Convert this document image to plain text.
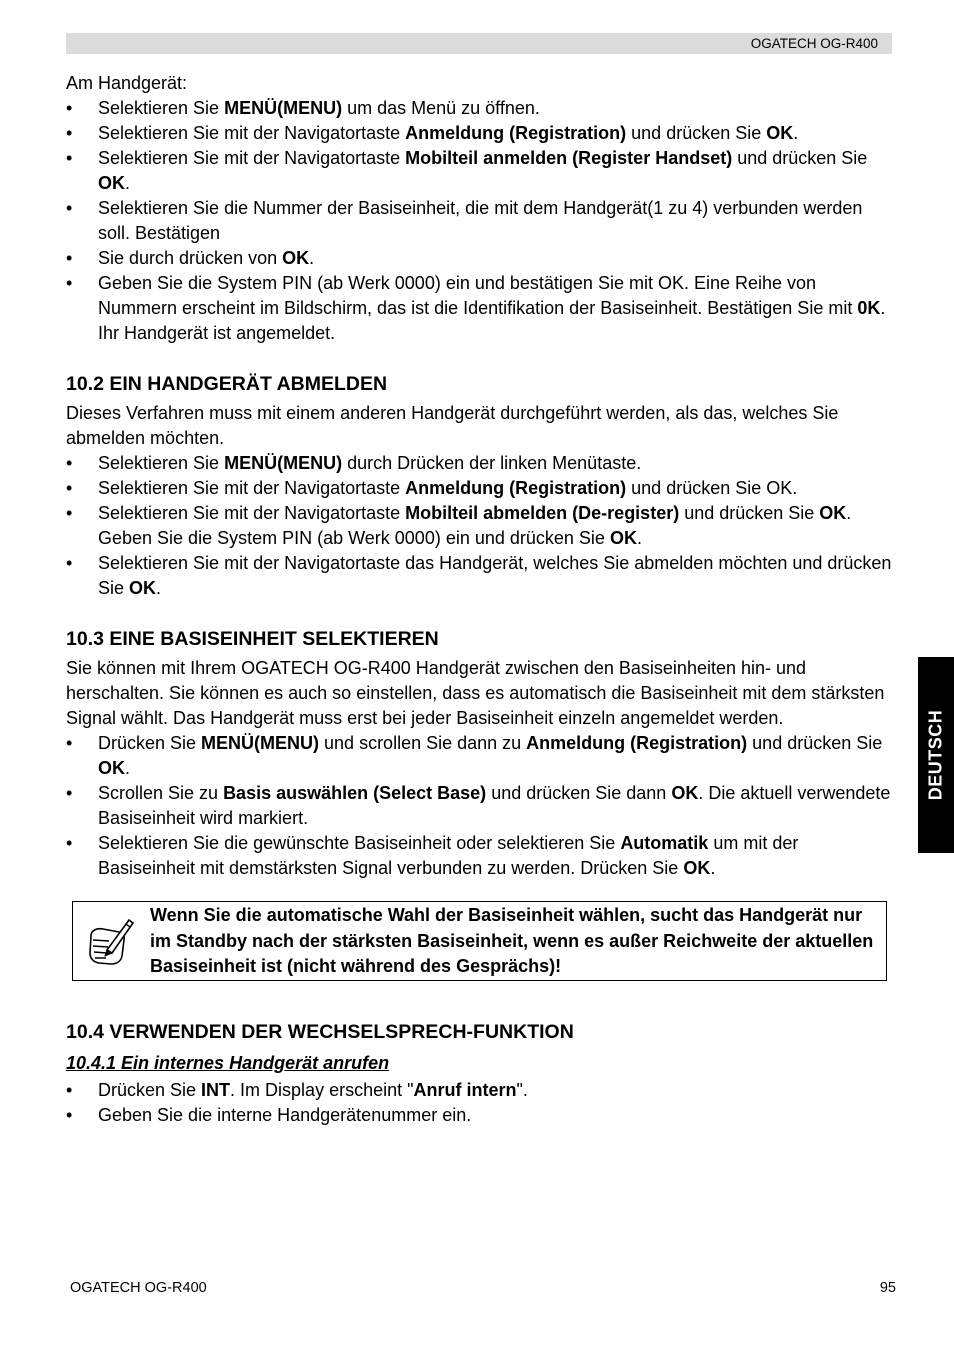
OGATECH OG-R400

Am Handgerät:

• Selektieren Sie MENÜ(MENU) um das Menü zu öffnen.
• Selektieren Sie mit der Navigatortaste Anmeldung (Registration) und drücken Sie OK.
• Selektieren Sie mit der Navigatortaste Mobilteil anmelden (Register Handset) und drücken Sie OK.
• Selektieren Sie die Nummer der Basiseinheit, die mit dem Handgerät(1 zu 4) verbunden werden soll. Bestätigen
• Sie durch drücken von OK.
• Geben Sie die System PIN (ab Werk 0000) ein und bestätigen Sie mit OK. Eine Reihe von Nummern erscheint im Bildschirm, das ist die Identifikation der Basiseinheit. Bestätigen Sie mit 0K. Ihr Handgerät ist angemeldet.
10.2 EIN HANDGERÄT ABMELDEN

Dieses Verfahren muss mit einem anderen Handgerät durchgeführt werden, als das, welches Sie abmelden möchten.

• Selektieren Sie MENÜ(MENU) durch Drücken der linken Menütaste.
• Selektieren Sie mit der Navigatortaste Anmeldung (Registration) und drücken Sie OK.
• Selektieren Sie mit der Navigatortaste Mobilteil abmelden (De-register) und drücken Sie OK. Geben Sie die System PIN (ab Werk 0000) ein und drücken Sie OK.
• Selektieren Sie mit der Navigatortaste das Handgerät, welches Sie abmelden möchten und drücken Sie OK.
10.3 EINE BASISEINHEIT SELEKTIEREN

Sie können mit Ihrem OGATECH OG-R400 Handgerät zwischen den Basiseinheiten hin- und herschalten. Sie können es auch so einstellen, dass es automatisch die Basiseinheit mit dem stärksten Signal wählt. Das Handgerät muss erst bei jeder Basiseinheit einzeln angemeldet werden.

• Drücken Sie MENÜ(MENU) und scrollen Sie dann zu Anmeldung (Registration) und drücken Sie OK.
• Scrollen Sie zu Basis auswählen (Select Base) und drücken Sie dann OK. Die aktuell verwendete Basiseinheit wird markiert.
• Selektieren Sie die gewünschte Basiseinheit oder selektieren Sie Automatik um mit der Basiseinheit mit demstärksten Signal verbunden zu werden. Drücken Sie OK.
Wenn Sie die automatische Wahl der Basiseinheit wählen, sucht das Handgerät nur im Standby nach der stärksten Basiseinheit, wenn es außer Reichweite der aktuellen Basiseinheit ist (nicht während des Gesprächs)!
10.4 VERWENDEN DER WECHSELSPRECH-FUNKTION
10.4.1 Ein internes Handgerät anrufen
• Drücken Sie INT. Im Display erscheint "Anruf intern".
• Geben Sie die interne Handgerätenummer ein.
DEUTSCH
OGATECH OG-R400	95
